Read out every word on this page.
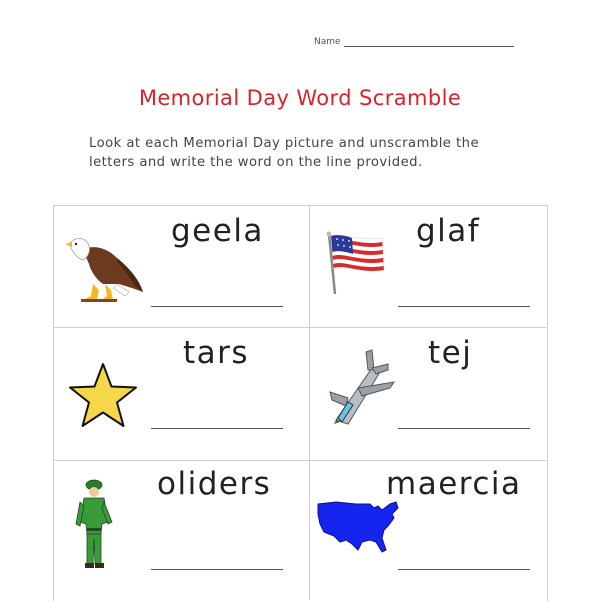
Name
Memorial Day Word Scramble
Look at each Memorial Day picture and unscramble the letters and write the word on the line provided.
geela	glaf
tars	tej
oliders	maercia
